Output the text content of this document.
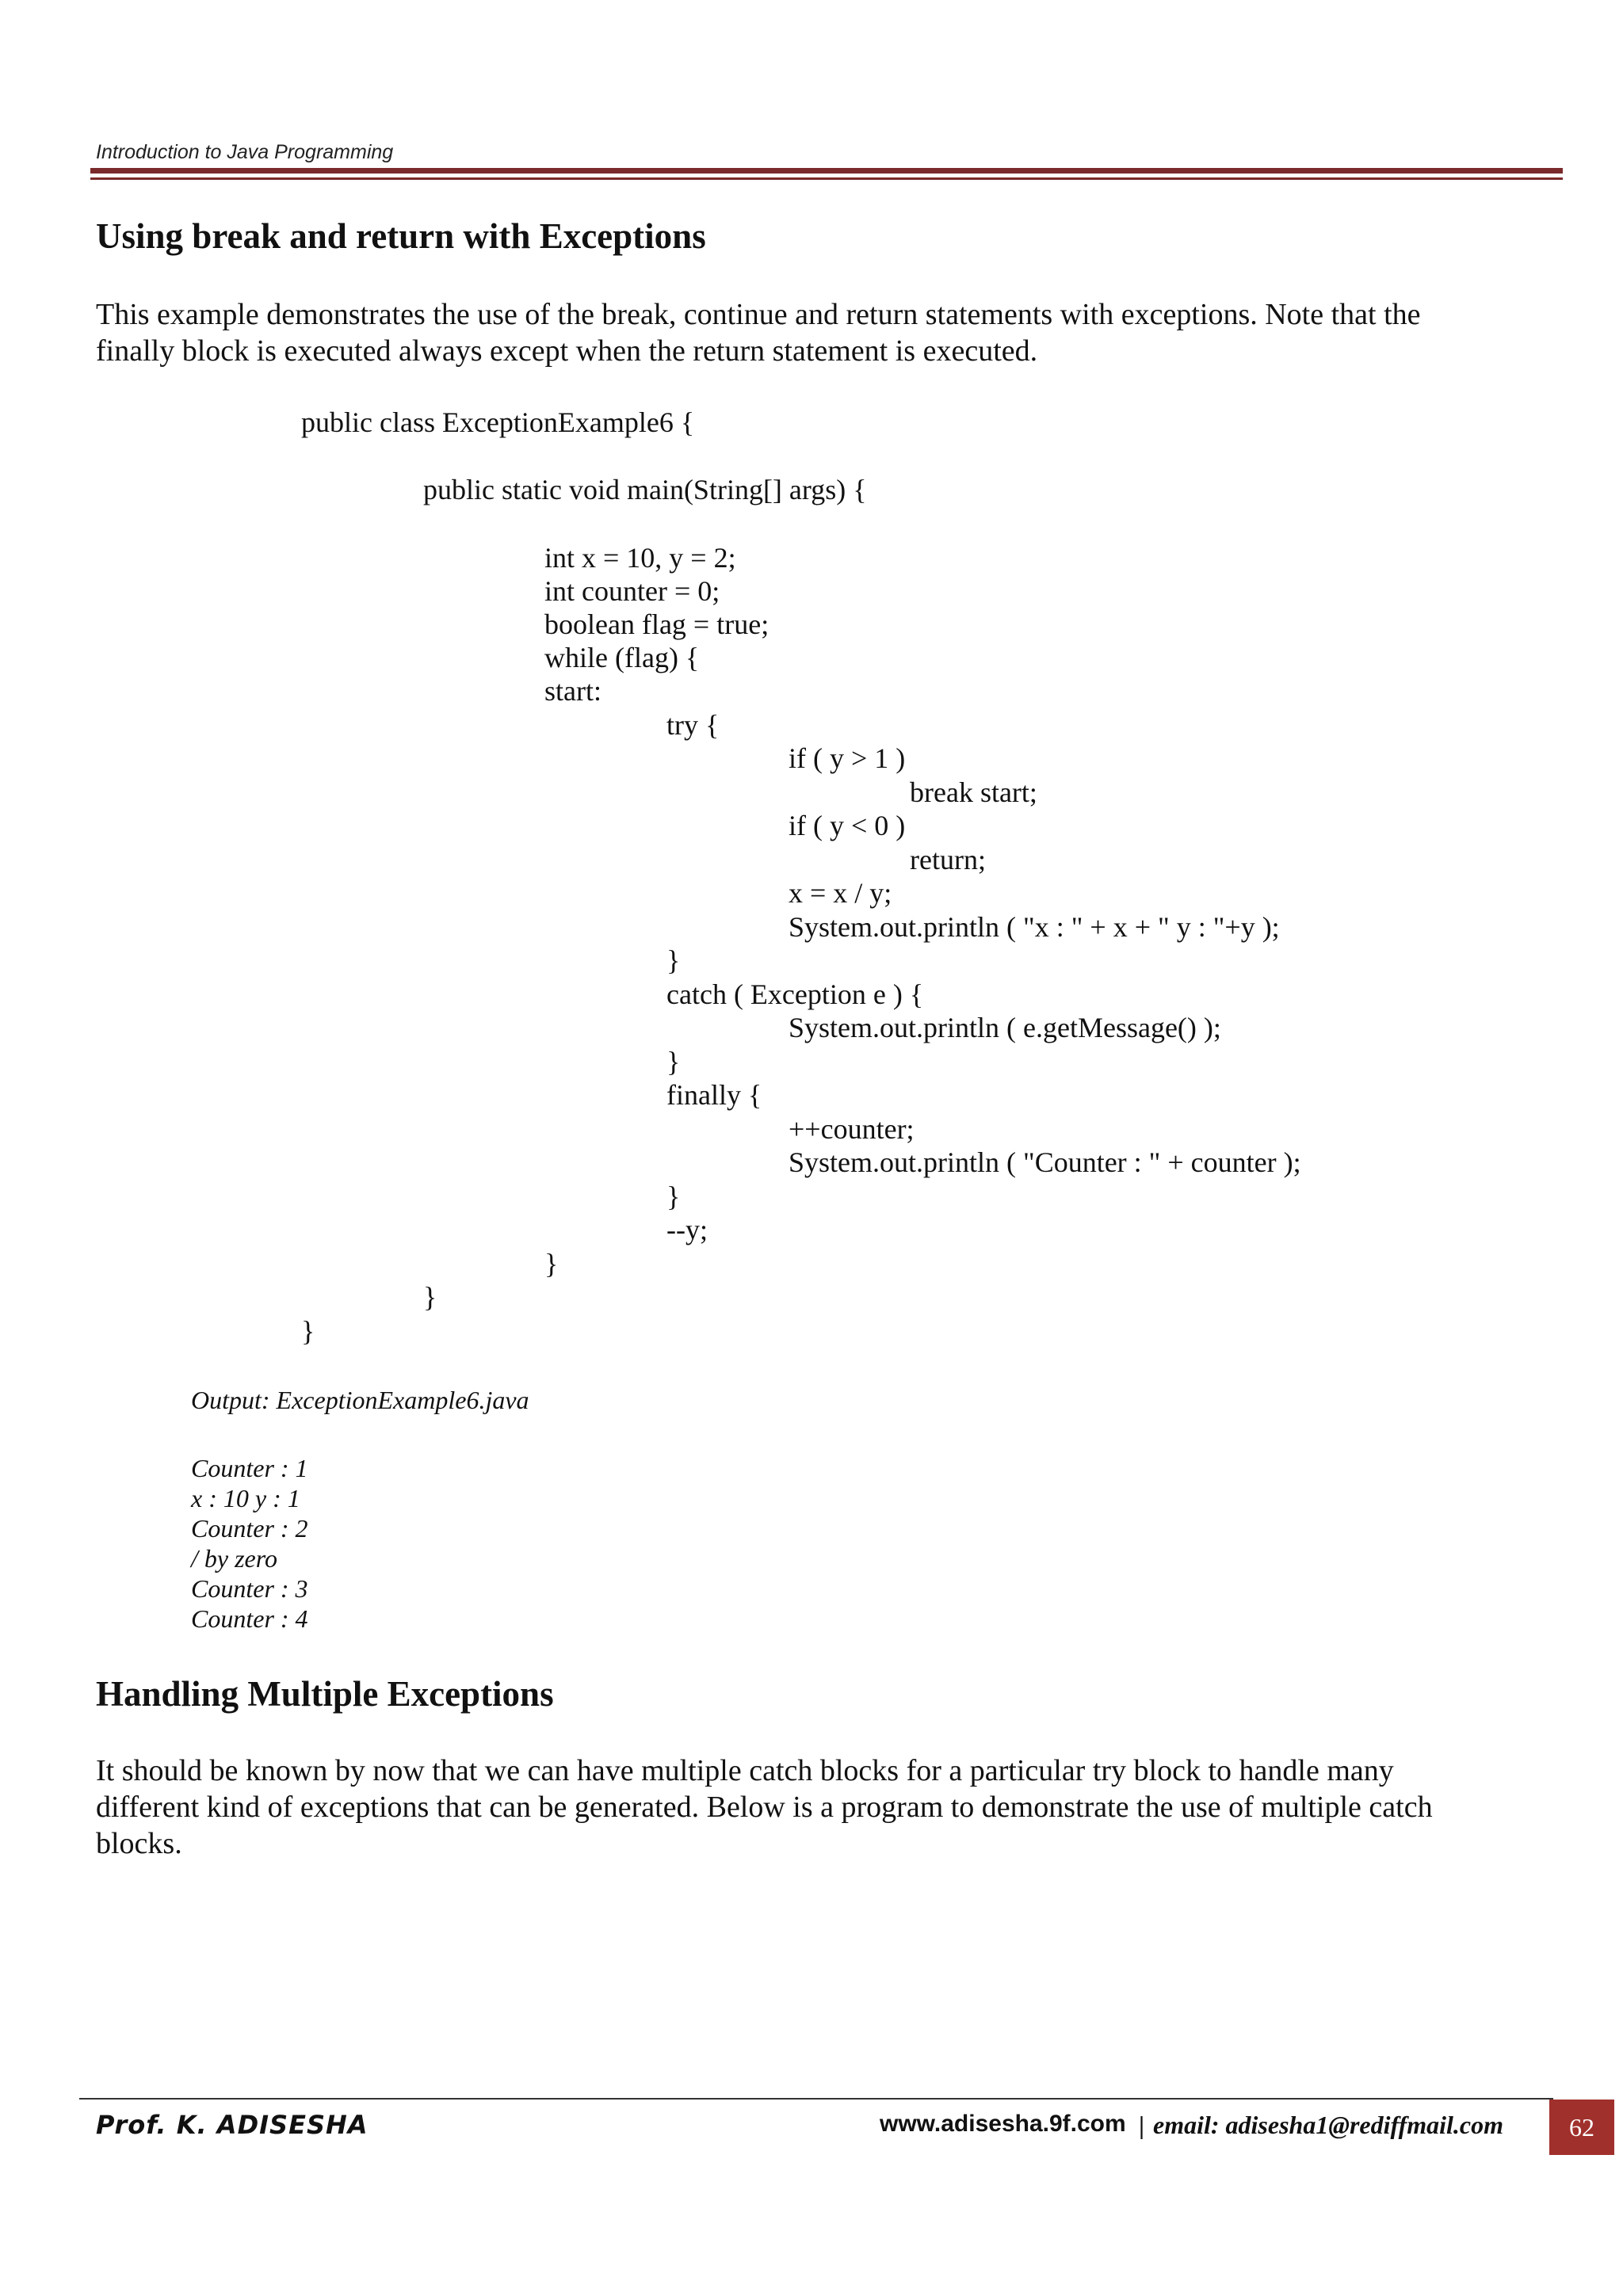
Introduction to Java Programming
Using break and return with Exceptions

This example demonstrates the use of the break, continue and return statements with exceptions. Note that the

finally block is executed always except when the return statement is executed.

public class ExceptionExample6 {
public static void main(String[] args) {
int x = 10, y = 2;
int counter = 0;
boolean flag = true;
while (flag) {
start:
try {
if ( y > 1 )
break start;
if ( y < 0 )
return;
x = x / y;
System.out.println ( "x : " + x + " y : "+y );
}
catch ( Exception e ) {
System.out.println ( e.getMessage() );
}
finally {
++counter;
System.out.println ( "Counter : " + counter );
}
--y;
}
}
}
Output: ExceptionExample6.java
Counter : 1
x : 10 y : 1
Counter : 2
/ by zero
Counter : 3
Counter : 4
Handling Multiple Exceptions

It should be known by now that we can have multiple catch blocks for a particular try block to handle many

different kind of exceptions that can be generated. Below is a program to demonstrate the use of multiple catch

blocks.

Prof. K. ADISESHA	www.adisesha.9f.com | email: adisesha1@rediffmail.com	62
